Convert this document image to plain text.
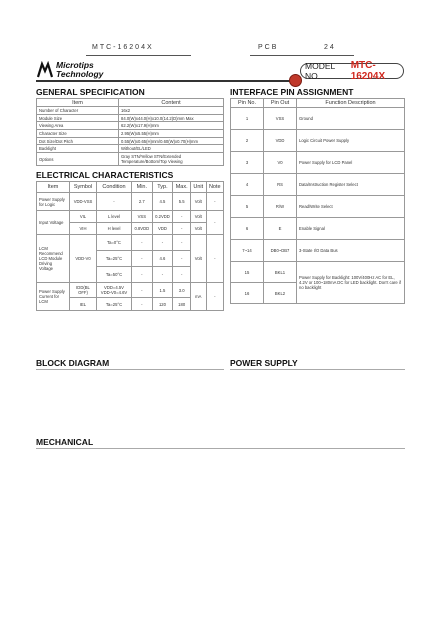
MTC-16204X	PCB	24
Microtips
Technology
MODEL NO.
MTC-16204X
GENERAL SPECIFICATION
Item	Content
Number of Character	16x2
Module Size	84.0(W)x44.0(H)x10.0(14.2)D)mm Max
Viewing Area	62.2(W)x17.9(H)mm
Character Size	2.95(W)x5.55(H)mm
Dot Size/Dot Pitch	0.55(W)x0.65(H)mm/0.60(W)x0.70(H)mm
Backlight	Without/EL/LED
Options	Gray STN/Yellow STN/Extended Temperature/Bottom/Top Viewing
ELECTRICAL CHARACTERISTICS
Item	Symbol	Condition	Min.	Typ.	Max.	Unit	Note
Power Supply for Logic	VDD-VSS	-	2.7	4.5	5.5	Volt	-
Input Voltage	VIL	L level	VSS	0.2VDD	-	Volt	-
	VIH	H level	0.8VDD	VDD	-	Volt	
LCM Recommend LCD Module Driving Voltage	VDD-V0	Ta=0°C	-	-	-	Volt	-
		Ta=25°C	-	4.6	-		
		Ta=50°C	-	-	-		
Power Supply Current for LCM	IDD(BL OFF)	VDD=4.5V VDD-V0=4.6V	-	1.5	3.0	mA	-
	IEL	Ta=25°C	-	120	180		
INTERFACE PIN ASSIGNMENT
Pin No.	Pin Out	Function Description
1	VSS	Ground
2	VDD	Logic Circuit Power Supply
3	V0	Power Supply for LCD Panel
4	RS	Data/Instruction Register Select
5	R/W	Read/Write Select
6	E	Enable Signal
7~14	DB0~DB7	3-State I/O Data Bus
15	BKL1	Power Supply for Backlight: 100V/400Hz AC for EL, 4.2V or 100~180mA DC for LED backlight. Don't care if no backlight
16	BKL2	
BLOCK DIAGRAM	POWER SUPPLY
MECHANICAL
